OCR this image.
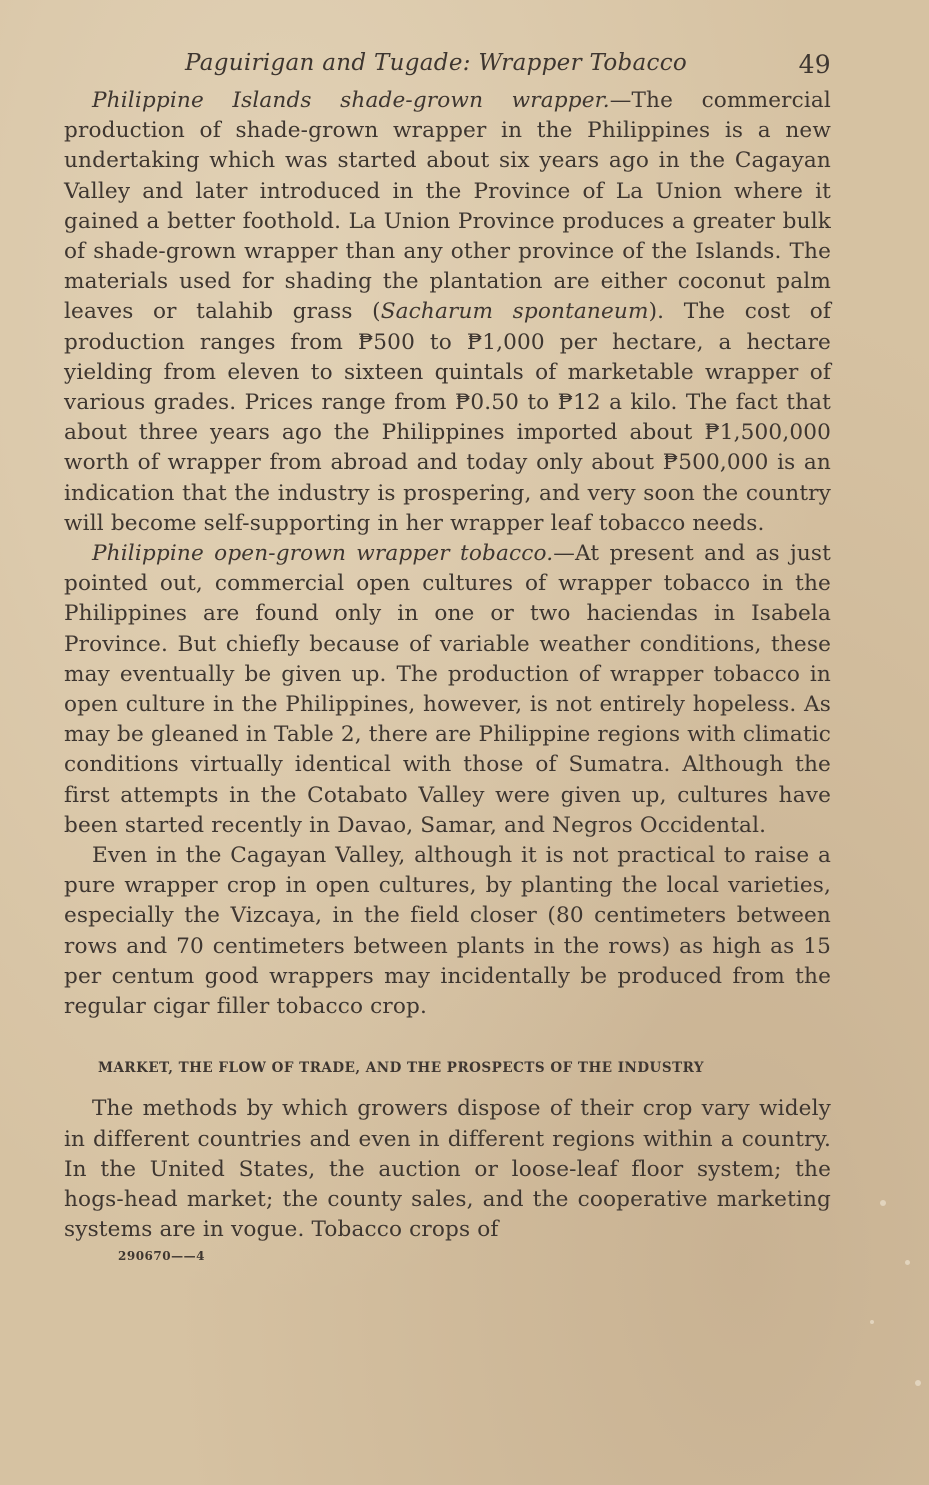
Paguirigan and Tugade: Wrapper Tobacco	49

Philippine Islands shade-grown wrapper.—The commercial production of shade-grown wrapper in the Philippines is a new undertaking which was started about six years ago in the Cagayan Valley and later introduced in the Province of La Union where it gained a better foothold. La Union Province produces a greater bulk of shade-grown wrapper than any other province of the Islands. The materials used for shading the plantation are either coconut palm leaves or talahib grass (Sacharum spontaneum). The cost of production ranges from ₱500 to ₱1,000 per hectare, a hectare yielding from eleven to sixteen quintals of marketable wrapper of various grades. Prices range from ₱0.50 to ₱12 a kilo. The fact that about three years ago the Philippines imported about ₱1,500,000 worth of wrapper from abroad and today only about ₱500,000 is an indication that the industry is prospering, and very soon the country will become self-supporting in her wrapper leaf tobacco needs.

Philippine open-grown wrapper tobacco.—At present and as just pointed out, commercial open cultures of wrapper tobacco in the Philippines are found only in one or two haciendas in Isabela Province. But chiefly because of variable weather conditions, these may eventually be given up. The production of wrapper tobacco in open culture in the Philippines, however, is not entirely hopeless. As may be gleaned in Table 2, there are Philippine regions with climatic conditions virtually identical with those of Sumatra. Although the first attempts in the Cotabato Valley were given up, cultures have been started recently in Davao, Samar, and Negros Occidental.

Even in the Cagayan Valley, although it is not practical to raise a pure wrapper crop in open cultures, by planting the local varieties, especially the Vizcaya, in the field closer (80 centimeters between rows and 70 centimeters between plants in the rows) as high as 15 per centum good wrappers may incidentally be produced from the regular cigar filler tobacco crop.

MARKET, THE FLOW OF TRADE, AND THE PROSPECTS OF THE INDUSTRY

The methods by which growers dispose of their crop vary widely in different countries and even in different regions within a country. In the United States, the auction or loose-leaf floor system; the hogs-head market; the county sales, and the cooperative marketing systems are in vogue. Tobacco crops of

290670——4
